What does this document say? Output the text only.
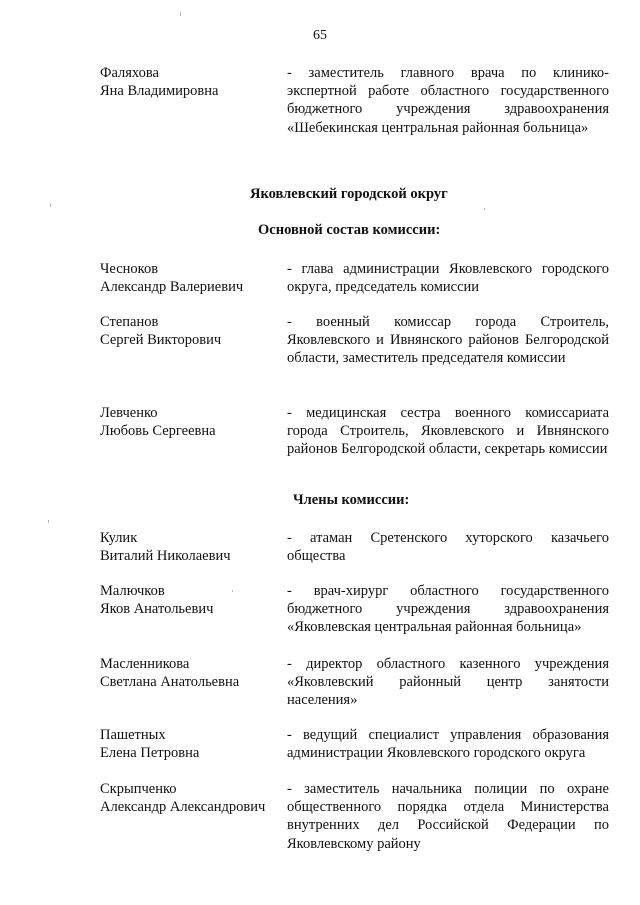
65
Фаляхова
Яна Владимировна
- заместитель главного врача по клинико-экспертной работе областного государственного бюджетного учреждения здравоохранения «Шебекинская центральная районная больница»
Яковлевский городской округ
Основной состав комиссии:
Чесноков
Александр Валериевич
- глава администрации Яковлевского городского округа, председатель комиссии
Степанов
Сергей Викторович
- военный комиссар города Строитель, Яковлевского и Ивнянского районов Белгородской области, заместитель председателя комиссии
Левченко
Любовь Сергеевна
- медицинская сестра военного комиссариата города Строитель, Яковлевского и Ивнянского районов Белгородской области, секретарь комиссии
Члены комиссии:
Кулик
Виталий Николаевич
- атаман Сретенского хуторского казачьего общества
Малючков
Яков Анатольевич
- врач-хирург областного государственного бюджетного учреждения здравоохранения «Яковлевская центральная районная больница»
Масленникова
Светлана Анатольевна
- директор областного казенного учреждения «Яковлевский районный центр занятости населения»
Пашетных
Елена Петровна
- ведущий специалист управления образования администрации Яковлевского городского округа
Скрыпченко
Александр Александрович
- заместитель начальника полиции по охране общественного порядка отдела Министерства внутренних дел Российской Федерации по Яковлевскому району
